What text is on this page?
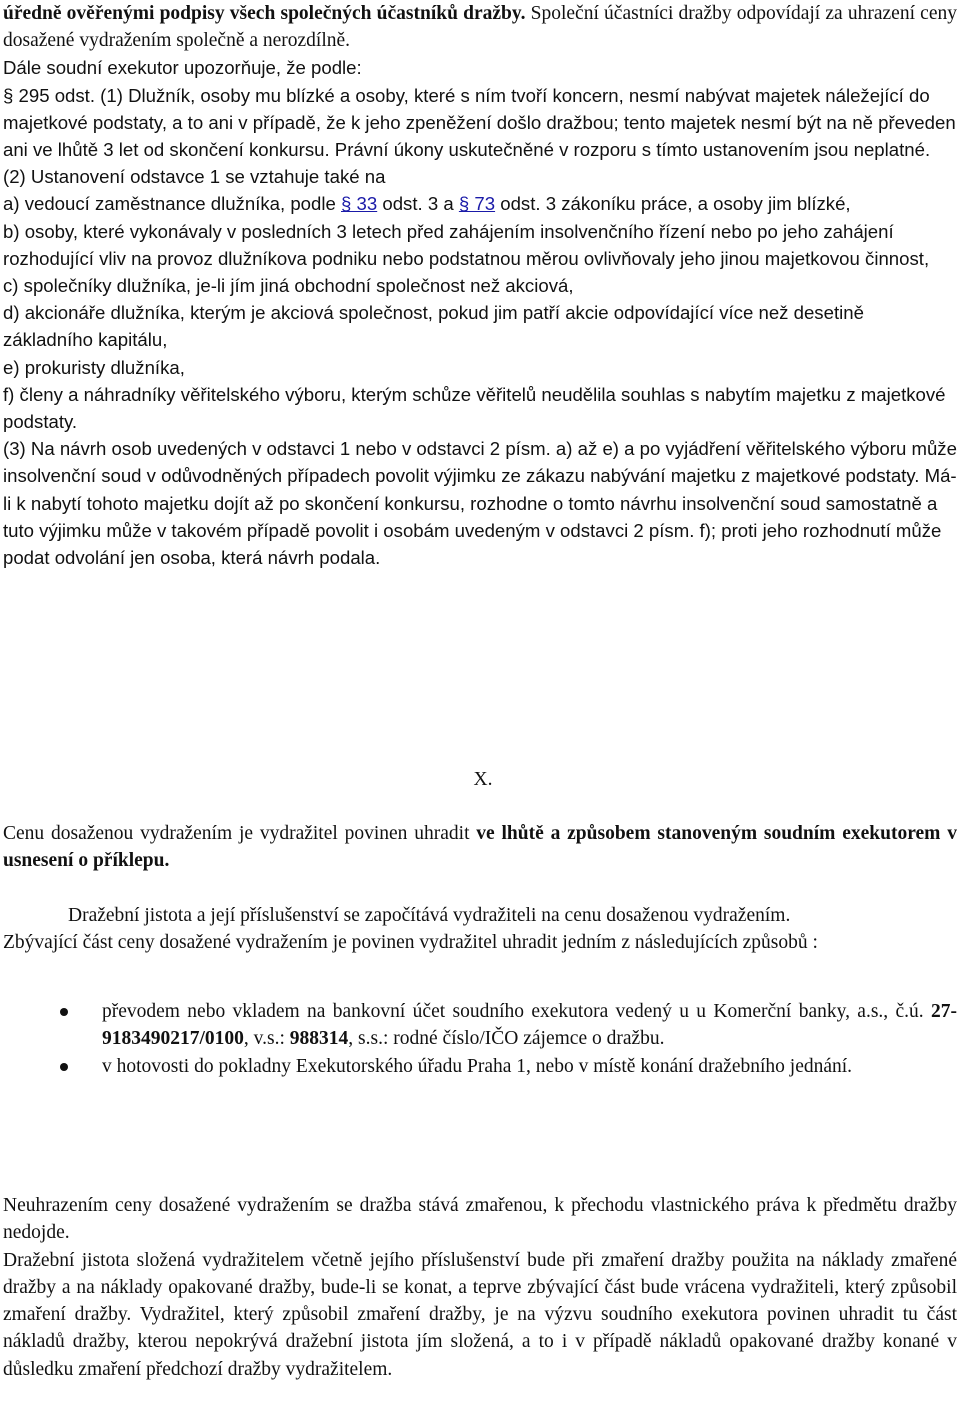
úředně ověřenými podpisy všech společných účastníků dražby. Společní účastníci dražby odpovídají za uhrazení ceny dosažené vydražením společně a nerozdílně.

Dále soudní exekutor upozorňuje, že podle:

§ 295 odst. (1) Dlužník, osoby mu blízké a osoby, které s ním tvoří koncern, nesmí nabývat majetek náležející do majetkové podstaty, a to ani v případě, že k jeho zpeněžení došlo dražbou; tento majetek nesmí být na ně převeden ani ve lhůtě 3 let od skončení konkursu. Právní úkony uskutečněné v rozporu s tímto ustanovením jsou neplatné.

(2) Ustanovení odstavce 1 se vztahuje také na

a) vedoucí zaměstnance dlužníka, podle § 33 odst. 3 a § 73 odst. 3 zákoníku práce, a osoby jim blízké,

b) osoby, které vykonávaly v posledních 3 letech před zahájením insolvenčního řízení nebo po jeho zahájení rozhodující vliv na provoz dlužníkova podniku nebo podstatnou měrou ovlivňovaly jeho jinou majetkovou činnost,

c) společníky dlužníka, je-li jím jiná obchodní společnost než akciová,

d) akcionáře dlužníka, kterým je akciová společnost, pokud jim patří akcie odpovídající více než desetině základního kapitálu,

e) prokuristy dlužníka,

f) členy a náhradníky věřitelského výboru, kterým schůze věřitelů neudělila souhlas s nabytím majetku z majetkové podstaty.

(3) Na návrh osob uvedených v odstavci 1 nebo v odstavci 2 písm. a) až e) a po vyjádření věřitelského výboru může insolvenční soud v odůvodněných případech povolit výjimku ze zákazu nabývání majetku z majetkové podstaty. Má-li k nabytí tohoto majetku dojít až po skončení konkursu, rozhodne o tomto návrhu insolvenční soud samostatně a tuto výjimku může v takovém případě povolit i osobám uvedeným v odstavci 2 písm. f); proti jeho rozhodnutí může podat odvolání jen osoba, která návrh podala.

X.

Cenu dosaženou vydražením je vydražitel povinen uhradit ve lhůtě a způsobem stanoveným soudním exekutorem v usnesení o příklepu.

Dražební jistota a její příslušenství se započítává vydražiteli na cenu dosaženou vydražením.

Zbývající část ceny dosažené vydražením je povinen vydražitel uhradit jedním z následujících způsobů :

převodem nebo vkladem na bankovní účet soudního exekutora vedený u u Komerční banky, a.s., č.ú. 27-9183490217/0100, v.s.: 988314, s.s.: rodné číslo/IČO zájemce o dražbu.
v hotovosti do pokladny Exekutorského úřadu Praha 1, nebo v místě konání dražebního jednání.

Neuhrazením ceny dosažené vydražením se dražba stává zmařenou, k přechodu vlastnického práva k předmětu dražby nedojde.

Dražební jistota složená vydražitelem včetně jejího příslušenství bude při zmaření dražby použita na náklady zmařené dražby a na náklady opakované dražby, bude-li se konat, a teprve zbývající část bude vrácena vydražiteli, který způsobil zmaření dražby. Vydražitel, který způsobil zmaření dražby, je na výzvu soudního exekutora povinen uhradit tu část nákladů dražby, kterou nepokrývá dražební jistota jím složená, a to i v případě nákladů opakované dražby konané v důsledku zmaření předchozí dražby vydražitelem.
